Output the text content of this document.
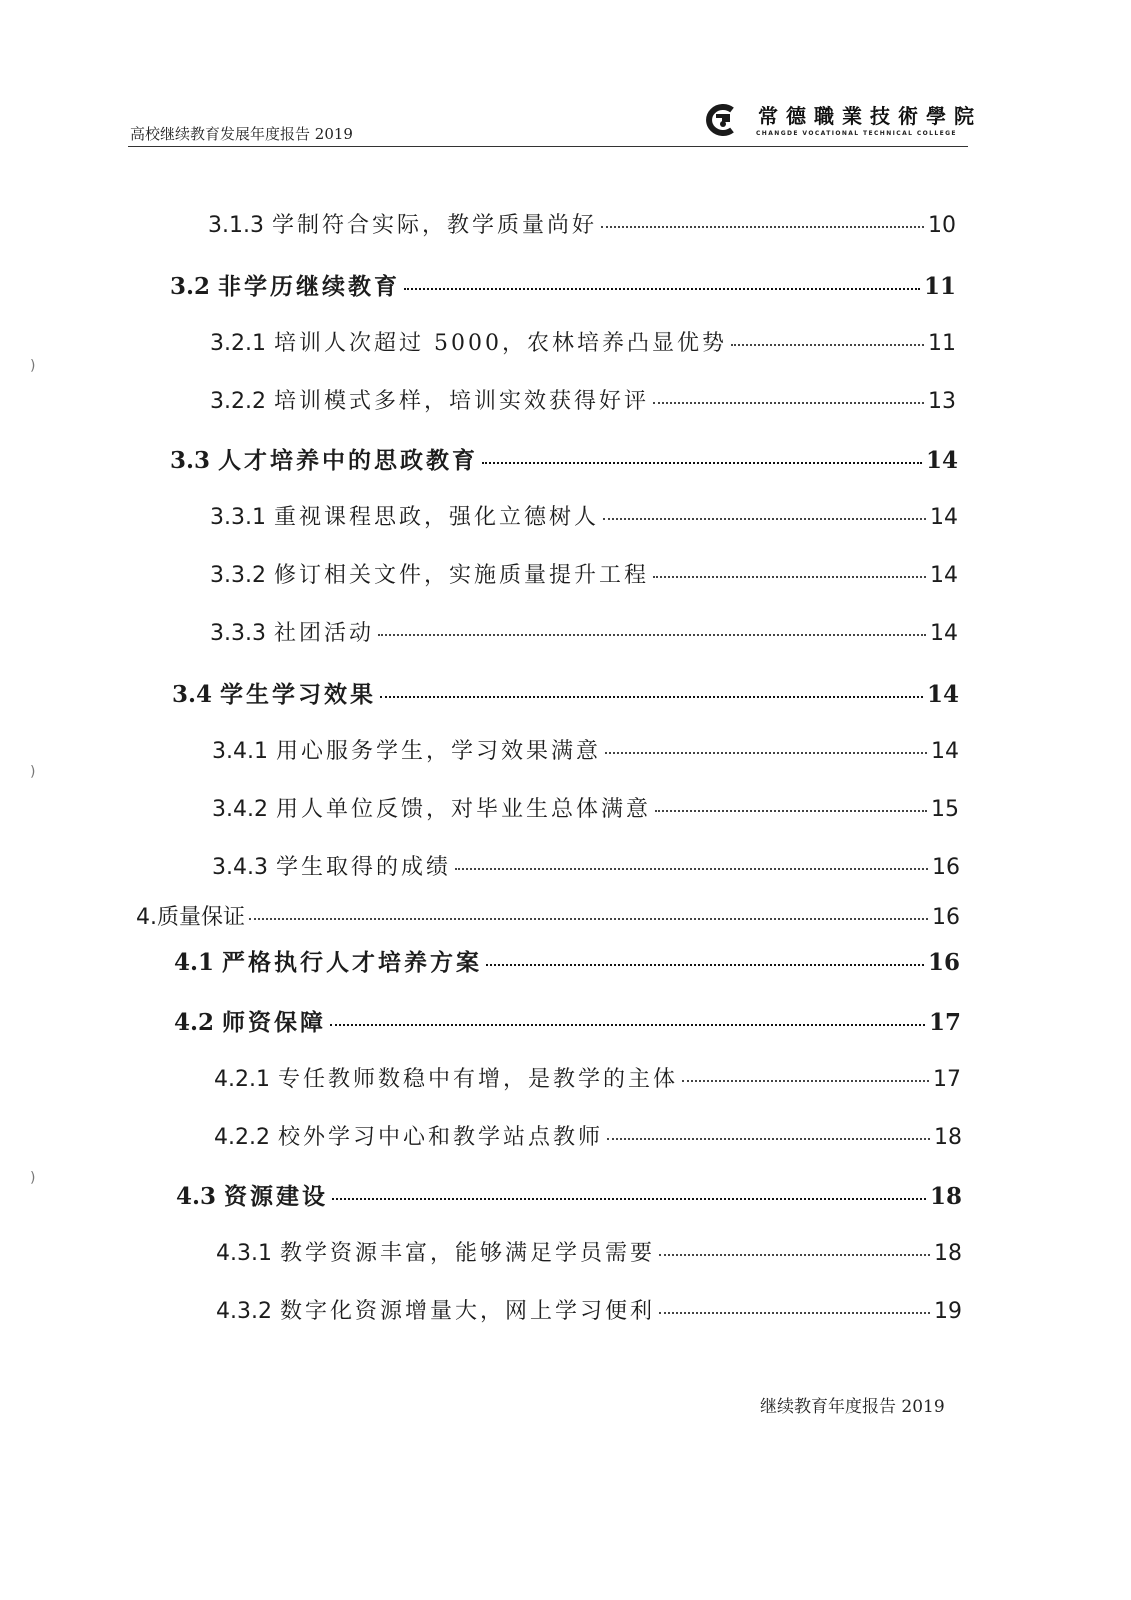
高校继续教育发展年度报告 2019
常德職業技術學院
CHANGDE VOCATIONAL TECHNICAL COLLEGE
3.1.3 学制符合实际，教学质量尚好	10
3.2 非学历继续教育	11
3.2.1 培训人次超过 5000，农林培养凸显优势	11
3.2.2 培训模式多样，培训实效获得好评	13
3.3 人才培养中的思政教育	14
3.3.1 重视课程思政，强化立德树人	14
3.3.2 修订相关文件，实施质量提升工程	14
3.3.3 社团活动	14
3.4 学生学习效果	14
3.4.1 用心服务学生，学习效果满意	14
3.4.2 用人单位反馈，对毕业生总体满意	15
3.4.3 学生取得的成绩	16
4. 质量保证	16
4.1 严格执行人才培养方案	16
4.2 师资保障	17
4.2.1 专任教师数稳中有增，是教学的主体	17
4.2.2 校外学习中心和教学站点教师	18
4.3 资源建设	18
4.3.1 教学资源丰富，能够满足学员需要	18
4.3.2 数字化资源增量大，网上学习便利	19
)
)
)
继续教育年度报告 2019
